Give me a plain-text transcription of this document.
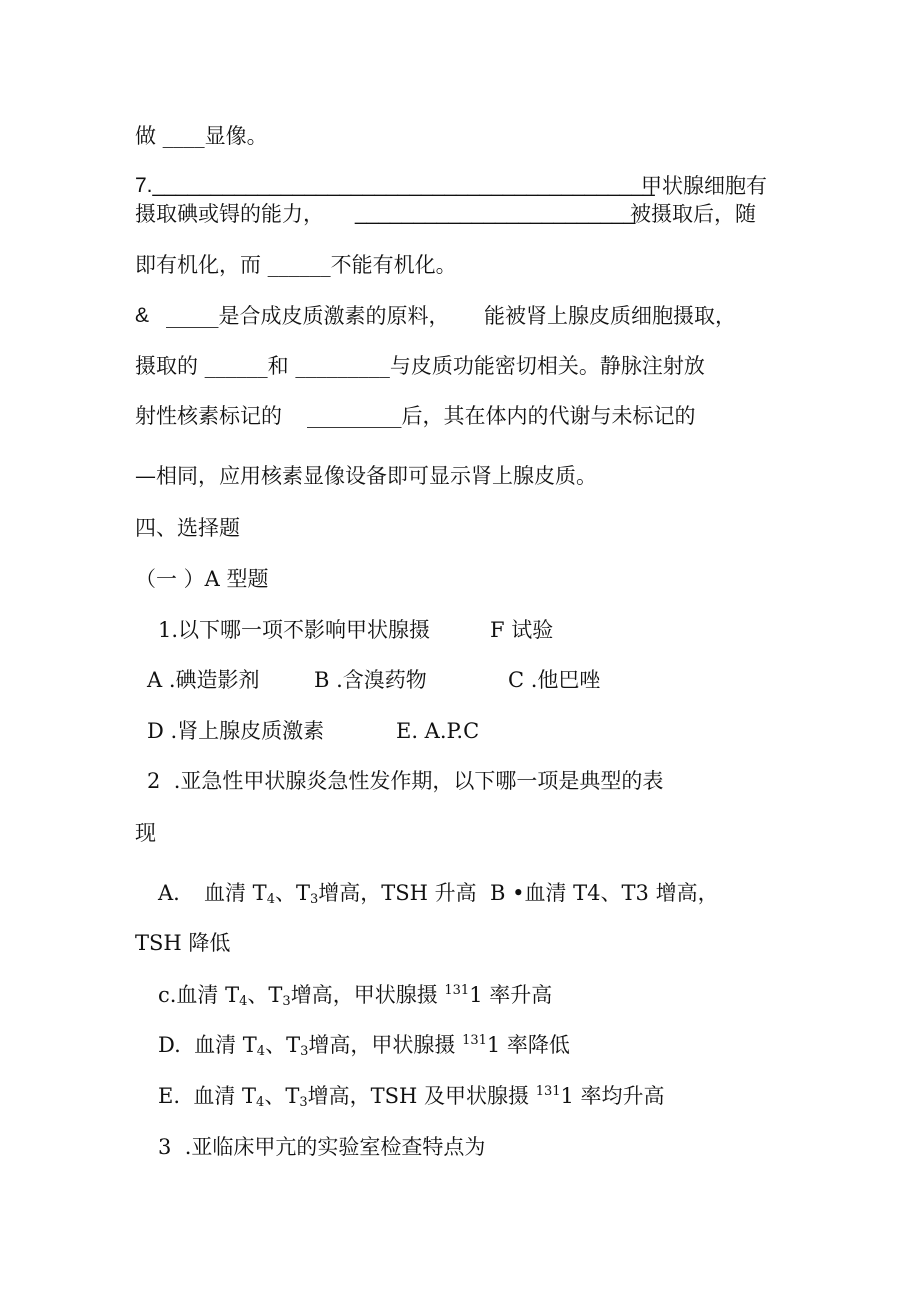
做 ____显像。
7.___________________________________________
甲状腺细胞有
摄取碘或锝的能力， ________________________
被摄取后，随
即有机化，而 ______不能有机化。
& _____是合成皮质激素的原料， 能被肾上腺皮质细胞摄取，
摄取的 ______和 _________与皮质功能密切相关。静脉注射放
射性核素标记的 _________后，其在体内的代谢与未标记的
—相同，应用核素显像设备即可显示肾上腺皮质。
四、选择题
（一 ）A 型题
1.以下哪一项不影响甲状腺摄	F 试验
A .碘造影剂	B .含溴药物	C .他巴唑
D .肾上腺皮质激素	E. A.P.C
2  .亚急性甲状腺炎急性发作期，以下哪一项是典型的表
现
A. 血清 T4、T3增高，TSH 升高  B •血清 T4、T3 增高，
TSH 降低
c.血清 T4、T3增高，甲状腺摄 $^{131}$1 率升高
D.  血清 T4、T3增高，甲状腺摄 $^{131}$1 率降低
E.  血清 T4、T3增高，TSH 及甲状腺摄 $^{131}$1 率均升高
3  .亚临床甲亢的实验室检查特点为
